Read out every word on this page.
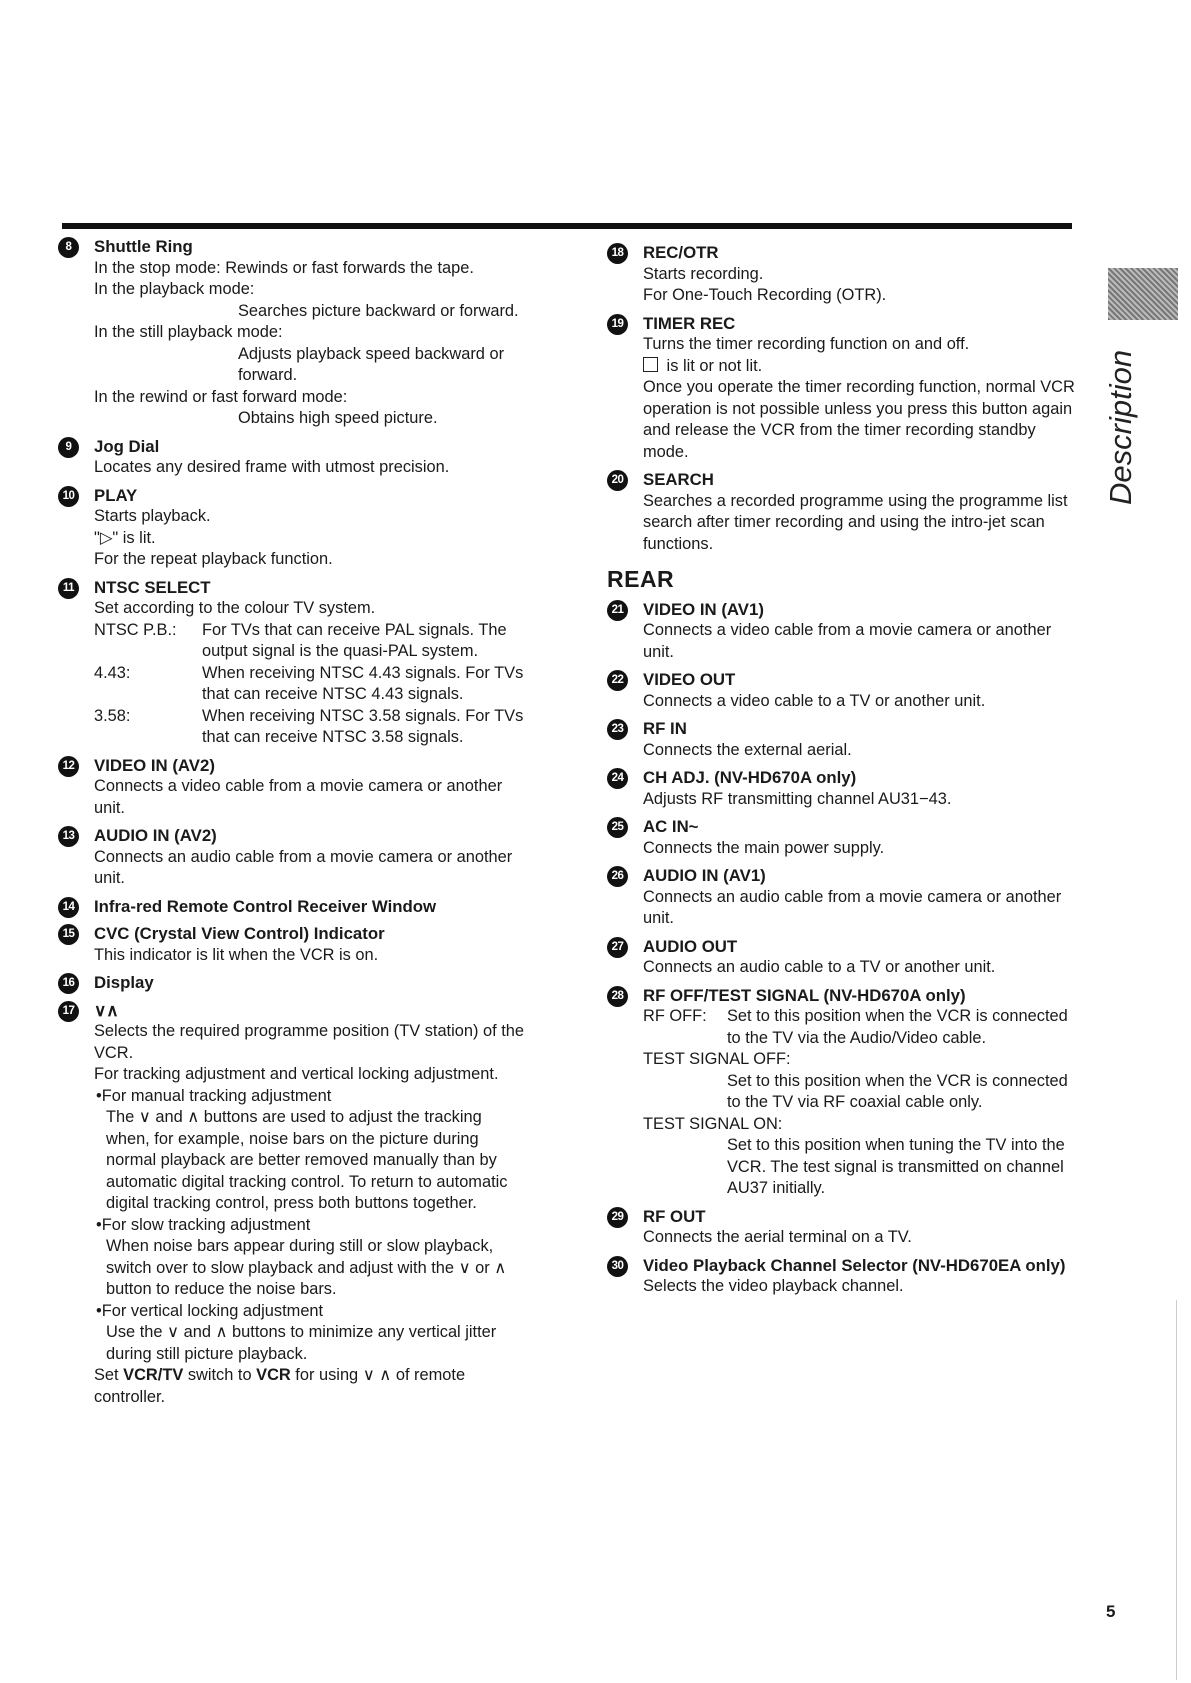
Description
5
8	Shuttle Ring
In the stop mode: Rewinds or fast forwards the tape.
In the playback mode:
Searches picture backward or forward.
In the still playback mode:
Adjusts playback speed backward or forward.
In the rewind or fast forward mode:
Obtains high speed picture.
9	Jog Dial
Locates any desired frame with utmost precision.
10 PLAY
Starts playback.
"▷" is lit.
For the repeat playback function.
11 NTSC SELECT
Set according to the colour TV system.
NTSC P.B.:	For TVs that can receive PAL signals. The output signal is the quasi-PAL system.
4.43:	When receiving NTSC 4.43 signals. For TVs that can receive NTSC 4.43 signals.
3.58:	When receiving NTSC 3.58 signals. For TVs that can receive NTSC 3.58 signals.
12 VIDEO IN (AV2)
Connects a video cable from a movie camera or another unit.
13 AUDIO IN (AV2)
Connects an audio cable from a movie camera or another unit.
14 Infra-red Remote Control Receiver Window
15 CVC (Crystal View Control) Indicator
This indicator is lit when the VCR is on.
16 Display
17 ∨∧
Selects the required programme position (TV station) of the VCR.
For tracking adjustment and vertical locking adjustment.
•For manual tracking adjustment
The ∨ and ∧ buttons are used to adjust the tracking when, for example, noise bars on the picture during normal playback are better removed manually than by automatic digital tracking control. To return to automatic digital tracking control, press both buttons together.
•For slow tracking adjustment
When noise bars appear during still or slow playback, switch over to slow playback and adjust with the ∨ or ∧ button to reduce the noise bars.
•For vertical locking adjustment
Use the ∨ and ∧ buttons to minimize any vertical jitter during still picture playback.
Set VCR/TV switch to VCR for using ∨ ∧ of remote controller.
18 REC/OTR
Starts recording.
For One-Touch Recording (OTR).
19 TIMER REC
Turns the timer recording function on and off.
is lit or not lit.
Once you operate the timer recording function, normal VCR operation is not possible unless you press this button again and release the VCR from the timer recording standby mode.
20 SEARCH
Searches a recorded programme using the programme list search after timer recording and using the intro-jet scan functions.
REAR
21 VIDEO IN (AV1)
Connects a video cable from a movie camera or another unit.
22 VIDEO OUT
Connects a video cable to a TV or another unit.
23 RF IN
Connects the external aerial.
24 CH ADJ. (NV-HD670A only)
Adjusts RF transmitting channel AU31−43.
25 AC IN~
Connects the main power supply.
26 AUDIO IN (AV1)
Connects an audio cable from a movie camera or another unit.
27 AUDIO OUT
Connects an audio cable to a TV or another unit.
28 RF OFF/TEST SIGNAL (NV-HD670A only)
RF OFF:	Set to this position when the VCR is connected to the TV via the Audio/Video cable.
TEST SIGNAL OFF:
Set to this position when the VCR is connected to the TV via RF coaxial cable only.
TEST SIGNAL ON:
Set to this position when tuning the TV into the VCR. The test signal is transmitted on channel AU37 initially.
29 RF OUT
Connects the aerial terminal on a TV.
30 Video Playback Channel Selector (NV-HD670EA only)
Selects the video playback channel.
